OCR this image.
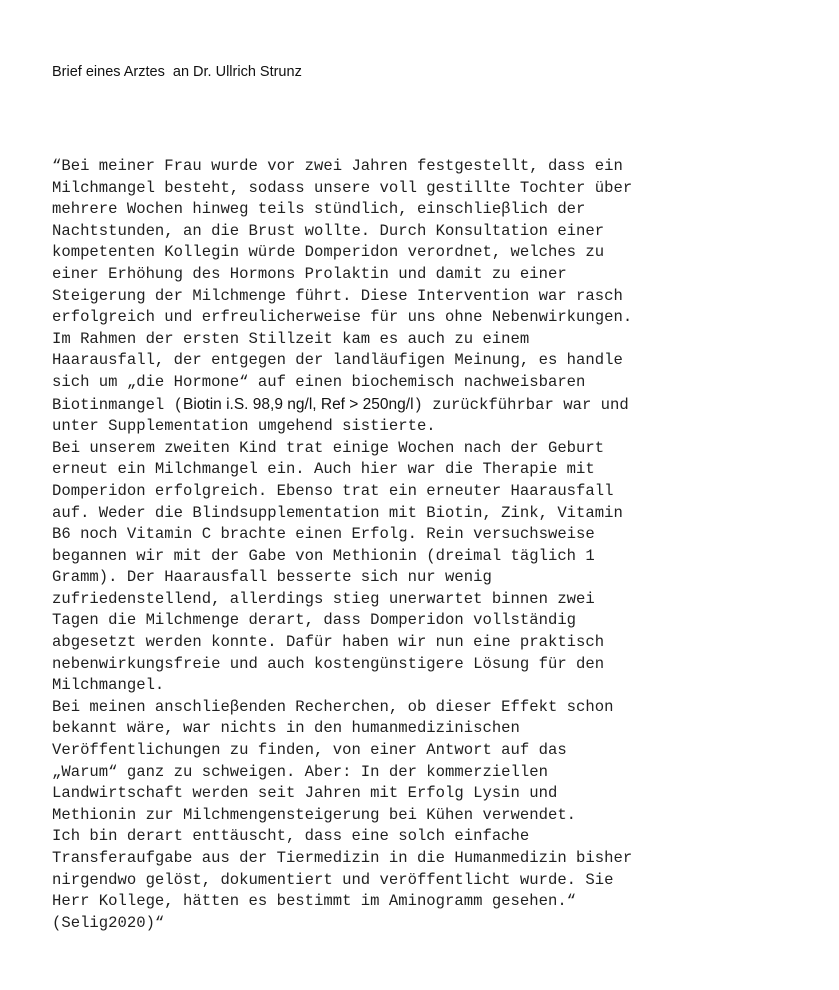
Brief eines Arztes  an Dr. Ullrich Strunz
“Bei meiner Frau wurde vor zwei Jahren festgestellt, dass ein
Milchmangel besteht, sodass unsere voll gestillte Tochter über
mehrere Wochen hinweg teils stündlich, einschlieβlich der
Nachtstunden, an die Brust wollte. Durch Konsultation einer
kompetenten Kollegin würde Domperidon verordnet, welches zu
einer Erhöhung des Hormons Prolaktin und damit zu einer
Steigerung der Milchmenge führt. Diese Intervention war rasch
erfolgreich und erfreulicherweise für uns ohne Nebenwirkungen.
Im Rahmen der ersten Stillzeit kam es auch zu einem
Haarausfall, der entgegen der landläufigen Meinung, es handle
sich um „die Hormone“ auf einen biochemisch nachweisbaren
Biotinmangel (Biotin i.S. 98,9 ng/l, Ref > 250ng/l) zurückführbar war und
unter Supplementation umgehend sistierte.
Bei unserem zweiten Kind trat einige Wochen nach der Geburt
erneut ein Milchmangel ein. Auch hier war die Therapie mit
Domperidon erfolgreich. Ebenso trat ein erneuter Haarausfall
auf. Weder die Blindsupplementation mit Biotin, Zink, Vitamin
B6 noch Vitamin C brachte einen Erfolg. Rein versuchsweise
begannen wir mit der Gabe von Methionin (dreimal täglich 1
Gramm). Der Haarausfall besserte sich nur wenig
zufriedenstellend, allerdings stieg unerwartet binnen zwei
Tagen die Milchmenge derart, dass Domperidon vollständig
abgesetzt werden konnte. Dafür haben wir nun eine praktisch
nebenwirkungsfreie und auch kostengünstigere Lösung für den
Milchmangel.
Bei meinen anschlieβenden Recherchen, ob dieser Effekt schon
bekannt wäre, war nichts in den humanmedizinischen
Veröffentlichungen zu finden, von einer Antwort auf das
„Warum“ ganz zu schweigen. Aber: In der kommerziellen
Landwirtschaft werden seit Jahren mit Erfolg Lysin und
Methionin zur Milchmengensteigerung bei Kühen verwendet.
Ich bin derart enttäuscht, dass eine solch einfache
Transferaufgabe aus der Tiermedizin in die Humanmedizin bisher
nirgendwo gelöst, dokumentiert und veröffentlicht wurde. Sie
Herr Kollege, hätten es bestimmt im Aminogramm gesehen.“
(Selig2020)“
